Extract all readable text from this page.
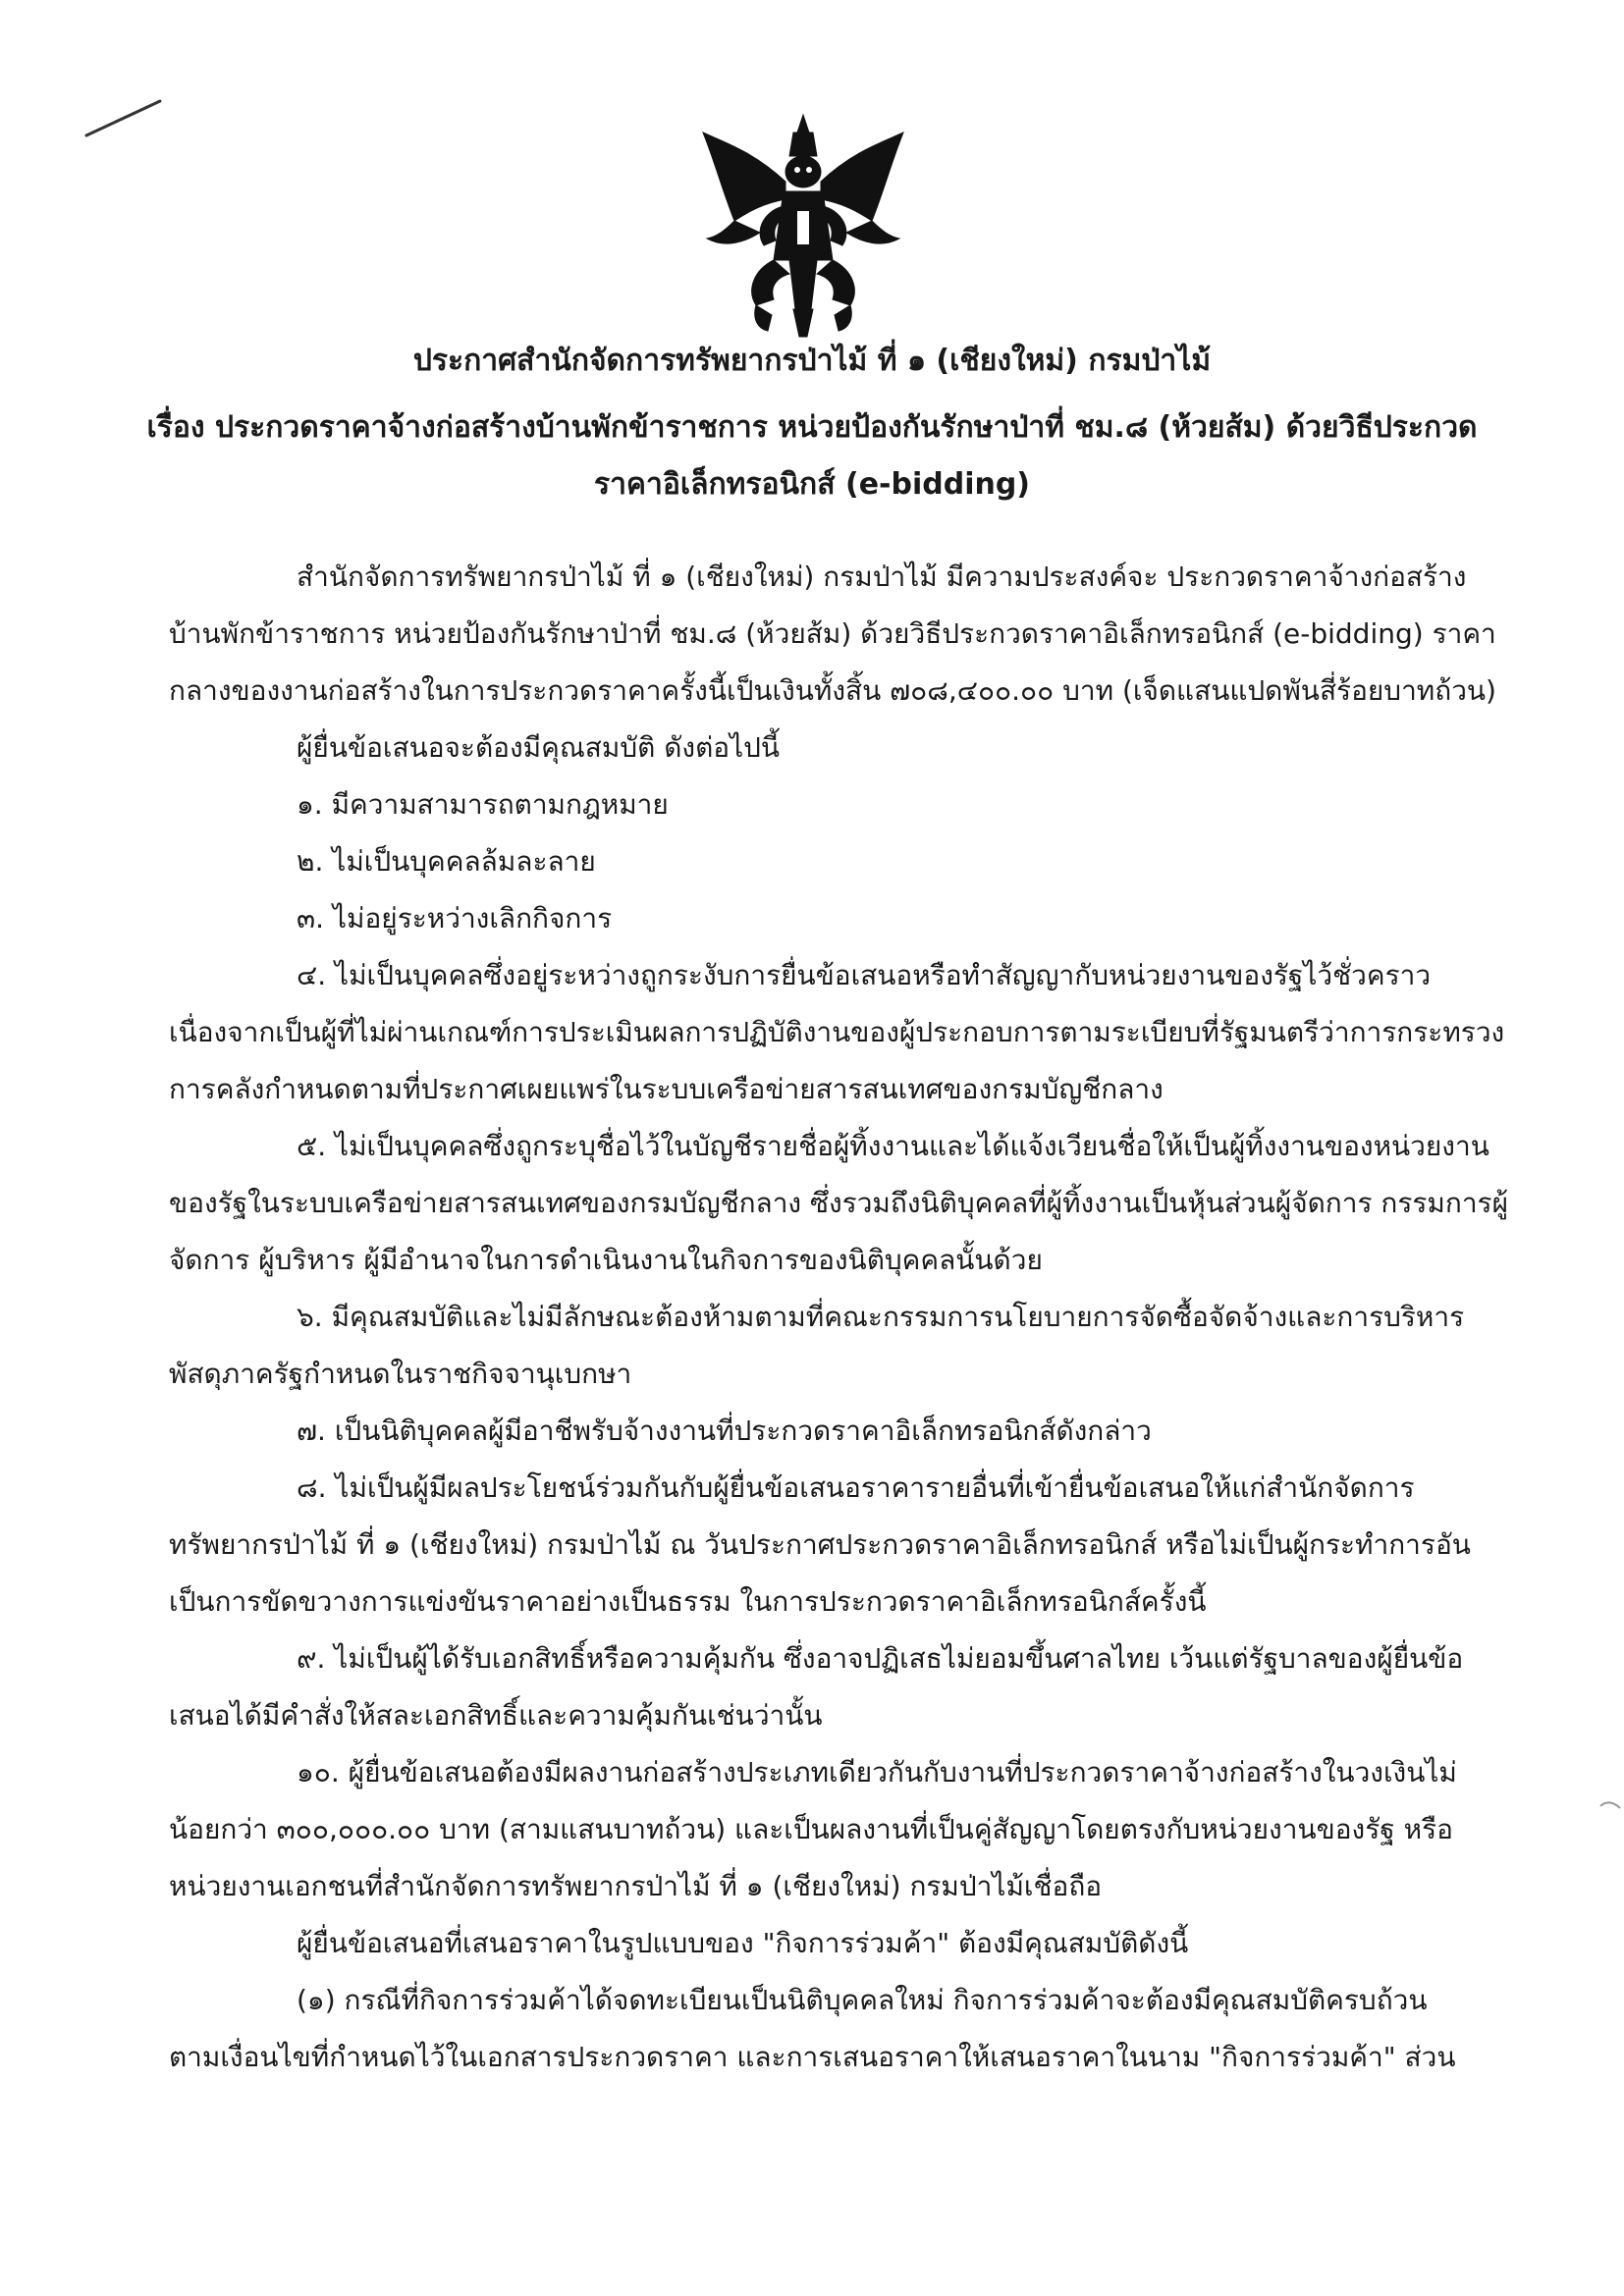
ประกาศสำนักจัดการทรัพยากรป่าไม้ ที่ ๑ (เชียงใหม่) กรมป่าไม้
เรื่อง ประกวดราคาจ้างก่อสร้างบ้านพักข้าราชการ หน่วยป้องกันรักษาป่าที่ ชม.๘ (ห้วยส้ม) ด้วยวิธีประกวด
ราคาอิเล็กทรอนิกส์ (e-bidding)
สำนักจัดการทรัพยากรป่าไม้ ที่ ๑ (เชียงใหม่) กรมป่าไม้ มีความประสงค์จะ ประกวดราคาจ้างก่อสร้าง
บ้านพักข้าราชการ หน่วยป้องกันรักษาป่าที่ ชม.๘ (ห้วยส้ม) ด้วยวิธีประกวดราคาอิเล็กทรอนิกส์ (e-bidding) ราคา
กลางของงานก่อสร้างในการประกวดราคาครั้งนี้เป็นเงินทั้งสิ้น ๗๐๘,๔๐๐.๐๐ บาท (เจ็ดแสนแปดพันสี่ร้อยบาทถ้วน)
ผู้ยื่นข้อเสนอจะต้องมีคุณสมบัติ ดังต่อไปนี้
๑. มีความสามารถตามกฎหมาย
๒. ไม่เป็นบุคคลล้มละลาย
๓. ไม่อยู่ระหว่างเลิกกิจการ
๔. ไม่เป็นบุคคลซึ่งอยู่ระหว่างถูกระงับการยื่นข้อเสนอหรือทำสัญญากับหน่วยงานของรัฐไว้ชั่วคราว
เนื่องจากเป็นผู้ที่ไม่ผ่านเกณฑ์การประเมินผลการปฏิบัติงานของผู้ประกอบการตามระเบียบที่รัฐมนตรีว่าการกระทรวง
การคลังกำหนดตามที่ประกาศเผยแพร่ในระบบเครือข่ายสารสนเทศของกรมบัญชีกลาง
๕. ไม่เป็นบุคคลซึ่งถูกระบุชื่อไว้ในบัญชีรายชื่อผู้ทิ้งงานและได้แจ้งเวียนชื่อให้เป็นผู้ทิ้งงานของหน่วยงาน
ของรัฐในระบบเครือข่ายสารสนเทศของกรมบัญชีกลาง ซึ่งรวมถึงนิติบุคคลที่ผู้ทิ้งงานเป็นหุ้นส่วนผู้จัดการ กรรมการผู้
จัดการ ผู้บริหาร ผู้มีอำนาจในการดำเนินงานในกิจการของนิติบุคคลนั้นด้วย
๖. มีคุณสมบัติและไม่มีลักษณะต้องห้ามตามที่คณะกรรมการนโยบายการจัดซื้อจัดจ้างและการบริหาร
พัสดุภาครัฐกำหนดในราชกิจจานุเบกษา
๗. เป็นนิติบุคคลผู้มีอาชีพรับจ้างงานที่ประกวดราคาอิเล็กทรอนิกส์ดังกล่าว
๘. ไม่เป็นผู้มีผลประโยชน์ร่วมกันกับผู้ยื่นข้อเสนอราคารายอื่นที่เข้ายื่นข้อเสนอให้แก่สำนักจัดการ
ทรัพยากรป่าไม้ ที่ ๑ (เชียงใหม่) กรมป่าไม้ ณ วันประกาศประกวดราคาอิเล็กทรอนิกส์ หรือไม่เป็นผู้กระทำการอัน
เป็นการขัดขวางการแข่งขันราคาอย่างเป็นธรรม ในการประกวดราคาอิเล็กทรอนิกส์ครั้งนี้
๙. ไม่เป็นผู้ได้รับเอกสิทธิ์หรือความคุ้มกัน ซึ่งอาจปฏิเสธไม่ยอมขึ้นศาลไทย เว้นแต่รัฐบาลของผู้ยื่นข้อ
เสนอได้มีคำสั่งให้สละเอกสิทธิ์และความคุ้มกันเช่นว่านั้น
๑๐. ผู้ยื่นข้อเสนอต้องมีผลงานก่อสร้างประเภทเดียวกันกับงานที่ประกวดราคาจ้างก่อสร้างในวงเงินไม่
น้อยกว่า ๓๐๐,๐๐๐.๐๐ บาท (สามแสนบาทถ้วน) และเป็นผลงานที่เป็นคู่สัญญาโดยตรงกับหน่วยงานของรัฐ หรือ
หน่วยงานเอกชนที่สำนักจัดการทรัพยากรป่าไม้ ที่ ๑ (เชียงใหม่) กรมป่าไม้เชื่อถือ
ผู้ยื่นข้อเสนอที่เสนอราคาในรูปแบบของ "กิจการร่วมค้า" ต้องมีคุณสมบัติดังนี้
(๑) กรณีที่กิจการร่วมค้าได้จดทะเบียนเป็นนิติบุคคลใหม่ กิจการร่วมค้าจะต้องมีคุณสมบัติครบถ้วน
ตามเงื่อนไขที่กำหนดไว้ในเอกสารประกวดราคา และการเสนอราคาให้เสนอราคาในนาม "กิจการร่วมค้า" ส่วน
